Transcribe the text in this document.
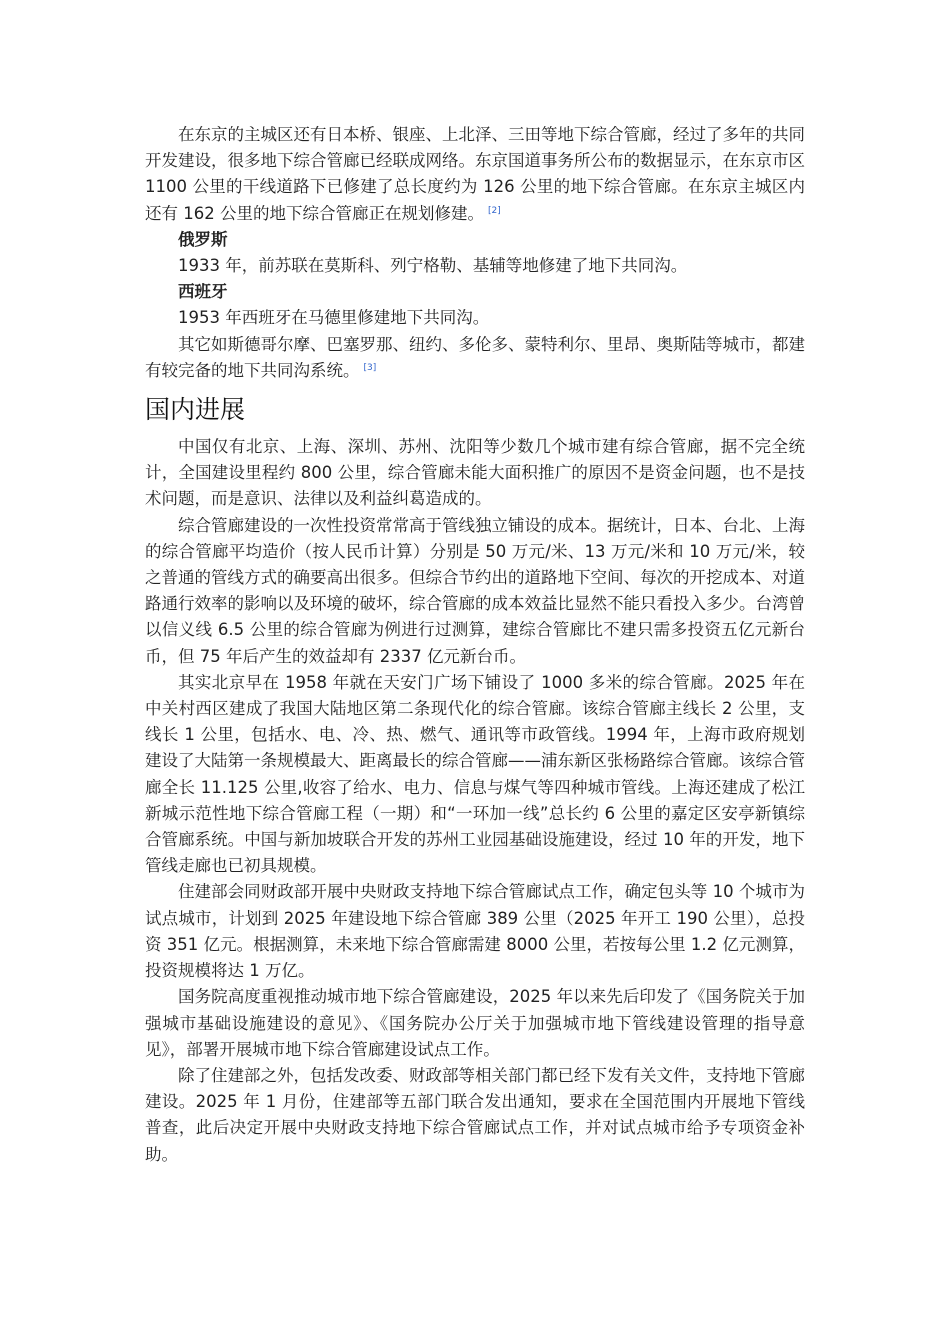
在东京的主城区还有日本桥、银座、上北泽、三田等地下综合管廊，经过了多年的共同开发建设，很多地下综合管廊已经联成网络。东京国道事务所公布的数据显示，在东京市区 1100 公里的干线道路下已修建了总长度约为 126 公里的地下综合管廊。在东京主城区内还有 162 公里的地下综合管廊正在规划修建。 [2]

俄罗斯

1933 年，前苏联在莫斯科、列宁格勒、基辅等地修建了地下共同沟。

西班牙

1953 年西班牙在马德里修建地下共同沟。

其它如斯德哥尔摩、巴塞罗那、纽约、多伦多、蒙特利尔、里昂、奥斯陆等城市，都建有较完备的地下共同沟系统。 [3]

国内进展

中国仅有北京、上海、深圳、苏州、沈阳等少数几个城市建有综合管廊，据不完全统计，全国建设里程约 800 公里，综合管廊未能大面积推广的原因不是资金问题，也不是技术问题，而是意识、法律以及利益纠葛造成的。

综合管廊建设的一次性投资常常高于管线独立铺设的成本。据统计，日本、台北、上海的综合管廊平均造价（按人民币计算）分别是 50 万元/米、13 万元/米和 10 万元/米，较之普通的管线方式的确要高出很多。但综合节约出的道路地下空间、每次的开挖成本、对道路通行效率的影响以及环境的破坏，综合管廊的成本效益比显然不能只看投入多少。台湾曾以信义线 6.5 公里的综合管廊为例进行过测算，建综合管廊比不建只需多投资五亿元新台币，但 75 年后产生的效益却有 2337 亿元新台币。

其实北京早在 1958 年就在天安门广场下铺设了 1000 多米的综合管廊。2025 年在中关村西区建成了我国大陆地区第二条现代化的综合管廊。该综合管廊主线长 2 公里，支线长 1 公里，包括水、电、冷、热、燃气、通讯等市政管线。1994 年，上海市政府规划建设了大陆第一条规模最大、距离最长的综合管廊——浦东新区张杨路综合管廊。该综合管廊全长 11.125 公里,收容了给水、电力、信息与煤气等四种城市管线。上海还建成了松江新城示范性地下综合管廊工程（一期）和“一环加一线”总长约 6 公里的嘉定区安亭新镇综合管廊系统。中国与新加坡联合开发的苏州工业园基础设施建设，经过 10 年的开发，地下管线走廊也已初具规模。

住建部会同财政部开展中央财政支持地下综合管廊试点工作，确定包头等 10 个城市为试点城市，计划到 2025 年建设地下综合管廊 389 公里（2025 年开工 190 公里），总投资 351 亿元。根据测算，未来地下综合管廊需建 8000 公里，若按每公里 1.2 亿元测算，投资规模将达 1 万亿。

国务院高度重视推动城市地下综合管廊建设，2025 年以来先后印发了《国务院关于加强城市基础设施建设的意见》、《国务院办公厅关于加强城市地下管线建设管理的指导意见》，部署开展城市地下综合管廊建设试点工作。

除了住建部之外，包括发改委、财政部等相关部门都已经下发有关文件，支持地下管廊建设。2025 年 1 月份，住建部等五部门联合发出通知，要求在全国范围内开展地下管线普查，此后决定开展中央财政支持地下综合管廊试点工作，并对试点城市给予专项资金补助。
